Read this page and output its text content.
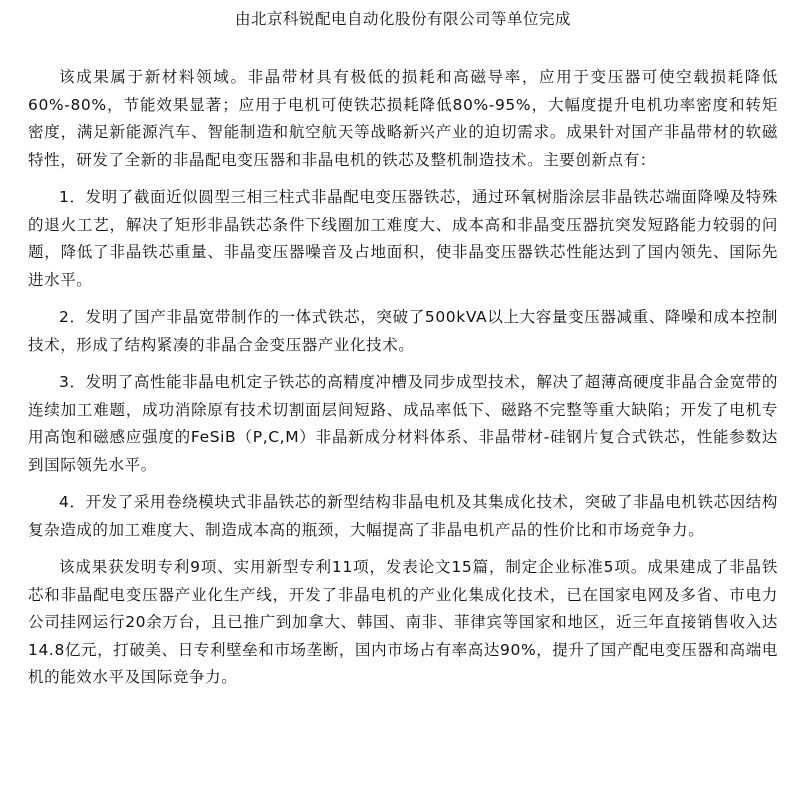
由北京科锐配电自动化股份有限公司等单位完成

该成果属于新材料领域。非晶带材具有极低的损耗和高磁导率，应用于变压器可使空载损耗降低60%-80%，节能效果显著；应用于电机可使铁芯损耗降低80%-95%，大幅度提升电机功率密度和转矩密度，满足新能源汽车、智能制造和航空航天等战略新兴产业的迫切需求。成果针对国产非晶带材的软磁特性，研发了全新的非晶配电变压器和非晶电机的铁芯及整机制造技术。主要创新点有：

1．发明了截面近似圆型三相三柱式非晶配电变压器铁芯，通过环氧树脂涂层非晶铁芯端面降噪及特殊的退火工艺，解决了矩形非晶铁芯条件下线圈加工难度大、成本高和非晶变压器抗突发短路能力较弱的问题，降低了非晶铁芯重量、非晶变压器噪音及占地面积，使非晶变压器铁芯性能达到了国内领先、国际先进水平。

2．发明了国产非晶宽带制作的一体式铁芯，突破了500kVA以上大容量变压器减重、降噪和成本控制技术，形成了结构紧凑的非晶合金变压器产业化技术。

3．发明了高性能非晶电机定子铁芯的高精度冲槽及同步成型技术，解决了超薄高硬度非晶合金宽带的连续加工难题，成功消除原有技术切割面层间短路、成品率低下、磁路不完整等重大缺陷；开发了电机专用高饱和磁感应强度的FeSiB（P,C,M）非晶新成分材料体系、非晶带材-硅钢片复合式铁芯，性能参数达到国际领先水平。

4．开发了采用卷绕模块式非晶铁芯的新型结构非晶电机及其集成化技术，突破了非晶电机铁芯因结构复杂造成的加工难度大、制造成本高的瓶颈，大幅提高了非晶电机产品的性价比和市场竞争力。

该成果获发明专利9项、实用新型专利11项，发表论文15篇，制定企业标准5项。成果建成了非晶铁芯和非晶配电变压器产业化生产线，开发了非晶电机的产业化集成化技术，已在国家电网及多省、市电力公司挂网运行20余万台，且已推广到加拿大、韩国、南非、菲律宾等国家和地区，近三年直接销售收入达14.8亿元，打破美、日专利壁垒和市场垄断，国内市场占有率高达90%，提升了国产配电变压器和高端电机的能效水平及国际竞争力。
